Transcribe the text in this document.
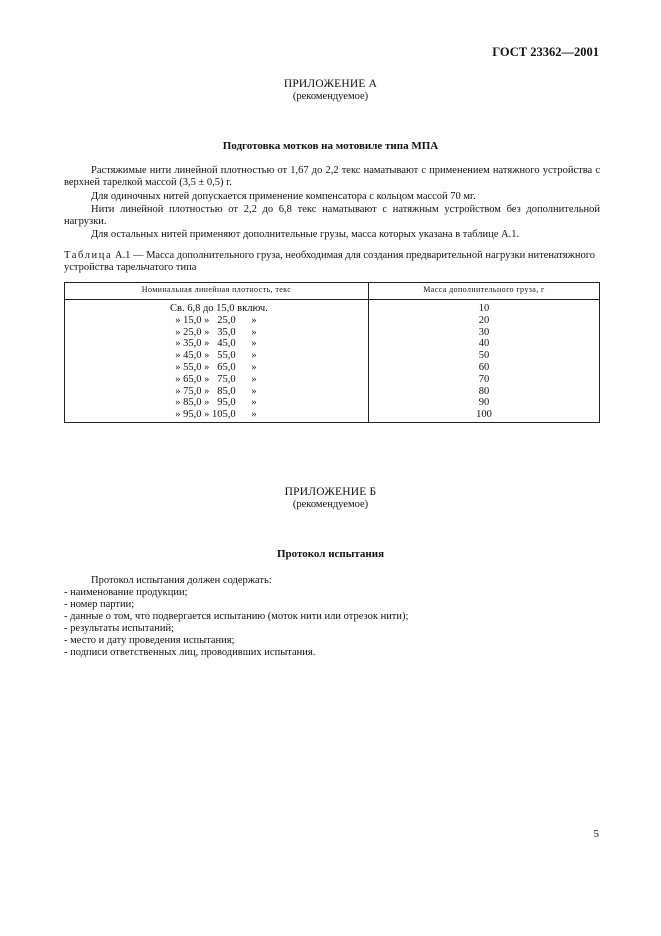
ГОСТ 23362—2001
ПРИЛОЖЕНИЕ А
(рекомендуемое)
Подготовка мотков на мотовиле типа МПА
Растяжимые нити линейной плотностью от 1,67 до 2,2 текс наматывают с применением натяжного устройства с верхней тарелкой массой (3,5 ± 0,5) г.
Для одиночных нитей допускается применение компенсатора с кольцом массой 70 мг.
Нити линейной плотностью от 2,2 до 6,8 текс наматывают с натяжным устройством без дополнительной нагрузки.
Для остальных нитей применяют дополнительные грузы, масса которых указана в таблице А.1.
Таблица А.1 — Масса дополнительного груза, необходимая для создания предварительной нагрузки нитенатяжного устройства тарельчатого типа
Номинальная линейная плотность, текс	Масса дополнительного груза, г
Св. 6,8 до 15,0 включ.
» 15,0 »   25,0      »
» 25,0 »   35,0      »
» 35,0 »   45,0      »
» 45,0 »   55,0      »
» 55,0 »   65,0      »
» 65,0 »   75,0      »
» 75,0 »   85,0      »
» 85,0 »   95,0      »
» 95,0 » 105,0      »
10
20
30
40
50
60
70
80
90
100
ПРИЛОЖЕНИЕ Б
(рекомендуемое)
Протокол испытания
Протокол испытания должен содержать:
- наименование продукции;
- номер партии;
- данные о том, что подвергается испытанию (моток нити или отрезок нити);
- результаты испытаний;
- место и дату проведения испытания;
- подписи ответственных лиц, проводивших испытания.
5
